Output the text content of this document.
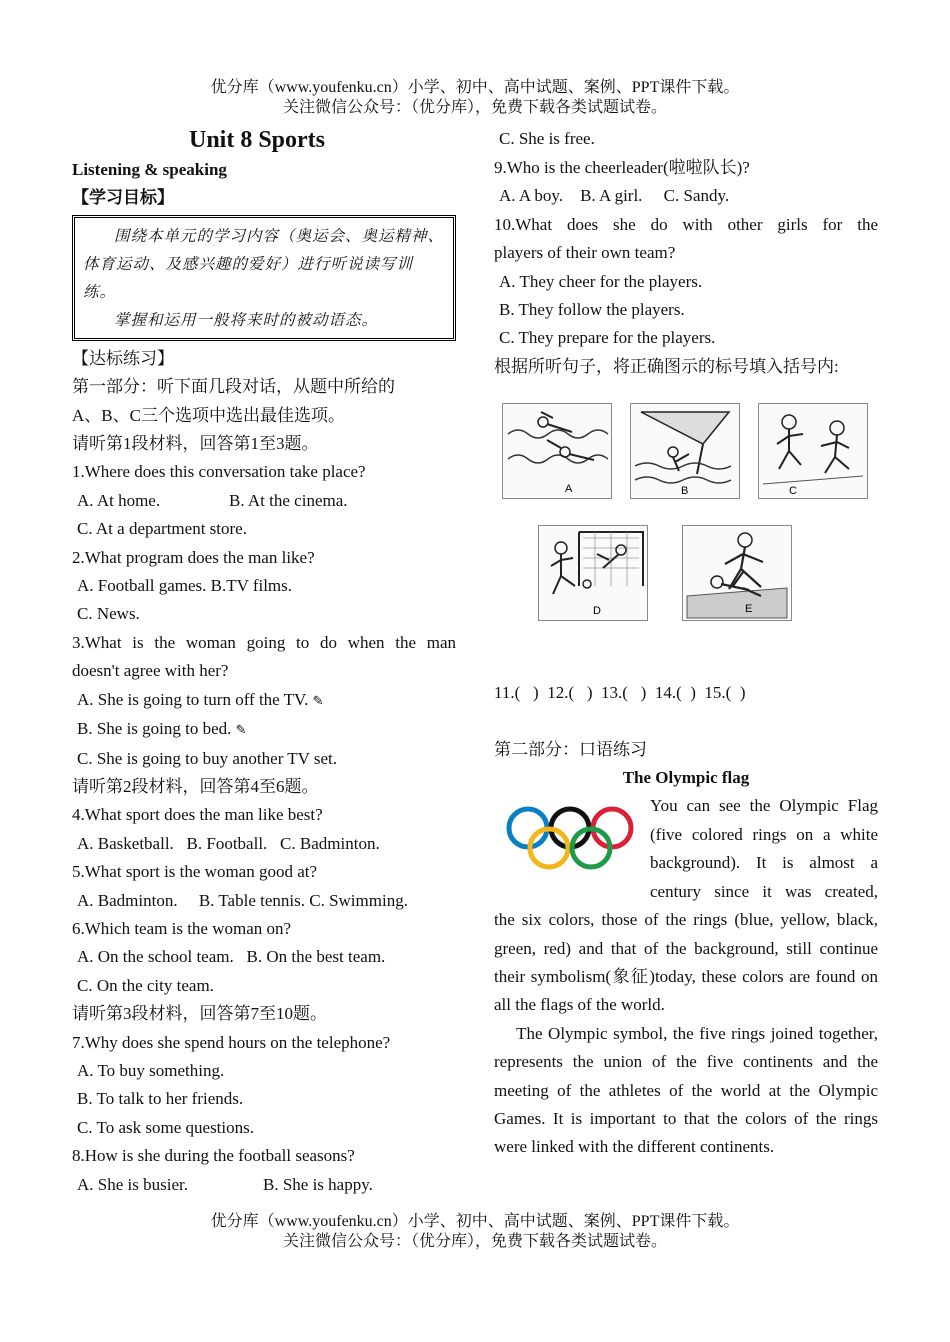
优分库（www.youfenku.cn）小学、初中、高中试题、案例、PPT课件下载。
关注微信公众号：（优分库），免费下载各类试题试卷。
Unit 8 Sports
Listening & speaking
【学习目标】

围绕本单元的学习内容（奥运会、奥运精神、体育运动、及感兴趣的爱好）进行听说读写训练。

掌握和运用一般将来时的被动语态。

【达标练习】
第一部分：听下面几段对话，从题中所给的
A、B、C三个选项中选出最佳选项。
请听第1段材料，回答第1至3题。
1.Where does this conversation take place?
A. At home.	B. At the cinema.
C. At a department store.
2.What program does the man like?
A. Football games. B.TV films.
C. News.
3.What is the woman going to do when the man
doesn't agree with her?
A. She is going to turn off the TV. ✎
B. She is going to bed. ✎
C. She is going to buy another TV set.
请听第2段材料，回答第4至6题。
4.What sport does the man like best?
A. Basketball.   B. Football.   C. Badminton.
5.What sport is the woman good at?
A. Badminton.     B. Table tennis. C. Swimming.
6.Which team is the woman on?
A. On the school team.   B. On the best team.
C. On the city team.
请听第3段材料，回答第7至10题。
7.Why does she spend hours on the telephone?
A. To buy something.
B. To talk to her friends.
C. To ask some questions.
8.How is she during the football seasons?
A. She is busier.	B. She is happy.
C. She is free.
9.Who is the cheerleader(啦啦队长)?
A. A boy.    B. A girl.     C. Sandy.
10.What does she do with other girls for the
players of their own team?
A. They cheer for the players.
B. They follow the players.
C. They prepare for the players.
根据所听句子，将正确图示的标号填入括号内:
A	B	C
D	E
11.(   )  12.(   )  13.(   )  14.(  )  15.(  )
第二部分：口语练习
The Olympic flag
You can see the Olympic Flag
(five colored rings on a white
background). It is almost a
century since it was created,
the six colors, those of the rings (blue, yellow, black, green, red) and that of the background, still continue their symbolism(象征)today, these colors are found on all the flags of the world.
The Olympic symbol, the five rings joined together, represents the union of the five continents and the meeting of the athletes of the world at the Olympic Games. It is important to that the colors of the rings were linked with the different continents.
优分库（www.youfenku.cn）小学、初中、高中试题、案例、PPT课件下载。
关注微信公众号：（优分库），免费下载各类试题试卷。
